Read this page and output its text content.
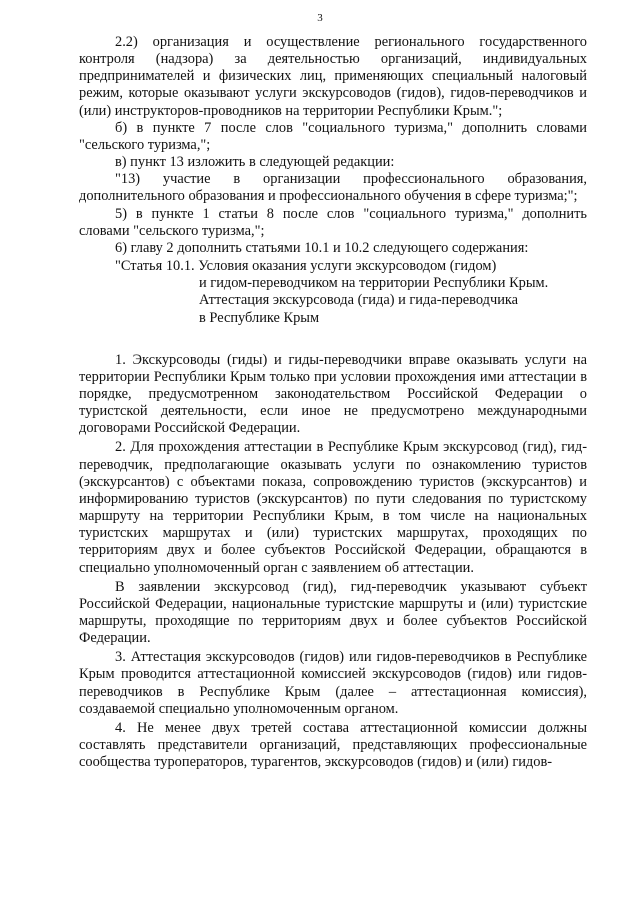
3

2.2) организация и осуществление регионального государственного контроля (надзора) за деятельностью организаций, индивидуальных предпринимателей и физических лиц, применяющих специальный налоговый режим, которые оказывают услуги экскурсоводов (гидов), гидов-переводчиков и (или) инструкторов-проводников на территории Республики Крым.";

б) в пункте 7 после слов "социального туризма," дополнить словами "сельского туризма,";

в) пункт 13 изложить в следующей редакции:

"13) участие в организации профессионального образования, дополнительного образования и профессионального обучения в сфере туризма;";

5) в пункте 1 статьи 8 после слов "социального туризма," дополнить словами "сельского туризма,";

6) главу 2 дополнить статьями 10.1 и 10.2 следующего содержания:

"Статья 10.1. Условия оказания услуги экскурсоводом (гидом)

и гидом-переводчиком на территории Республики Крым.

Аттестация экскурсовода (гида) и гида-переводчика

в Республике Крым

1. Экскурсоводы (гиды) и гиды-переводчики вправе оказывать услуги на территории Республики Крым только при условии прохождения ими аттестации в порядке, предусмотренном законодательством Российской Федерации о туристской деятельности, если иное не предусмотрено международными договорами Российской Федерации.

2. Для прохождения аттестации в Республике Крым экскурсовод (гид), гид-переводчик, предполагающие оказывать услуги по ознакомлению туристов (экскурсантов) с объектами показа, сопровождению туристов (экскурсантов) и информированию туристов (экскурсантов) по пути следования по туристскому маршруту на территории Республики Крым, в том числе на национальных туристских маршрутах и (или) туристских маршрутах, проходящих по территориям двух и более субъектов Российской Федерации, обращаются в специально уполномоченный орган с заявлением об аттестации.

В заявлении экскурсовод (гид), гид-переводчик указывают субъект Российской Федерации, национальные туристские маршруты и (или) туристские маршруты, проходящие по территориям двух и более субъектов Российской Федерации.

3. Аттестация экскурсоводов (гидов) или гидов-переводчиков в Республике Крым проводится аттестационной комиссией экскурсоводов (гидов) или гидов-переводчиков в Республике Крым (далее – аттестационная комиссия), создаваемой специально уполномоченным органом.

4. Не менее двух третей состава аттестационной комиссии должны составлять представители организаций, представляющих профессиональные сообщества туроператоров, турагентов, экскурсоводов (гидов) и (или) гидов-
